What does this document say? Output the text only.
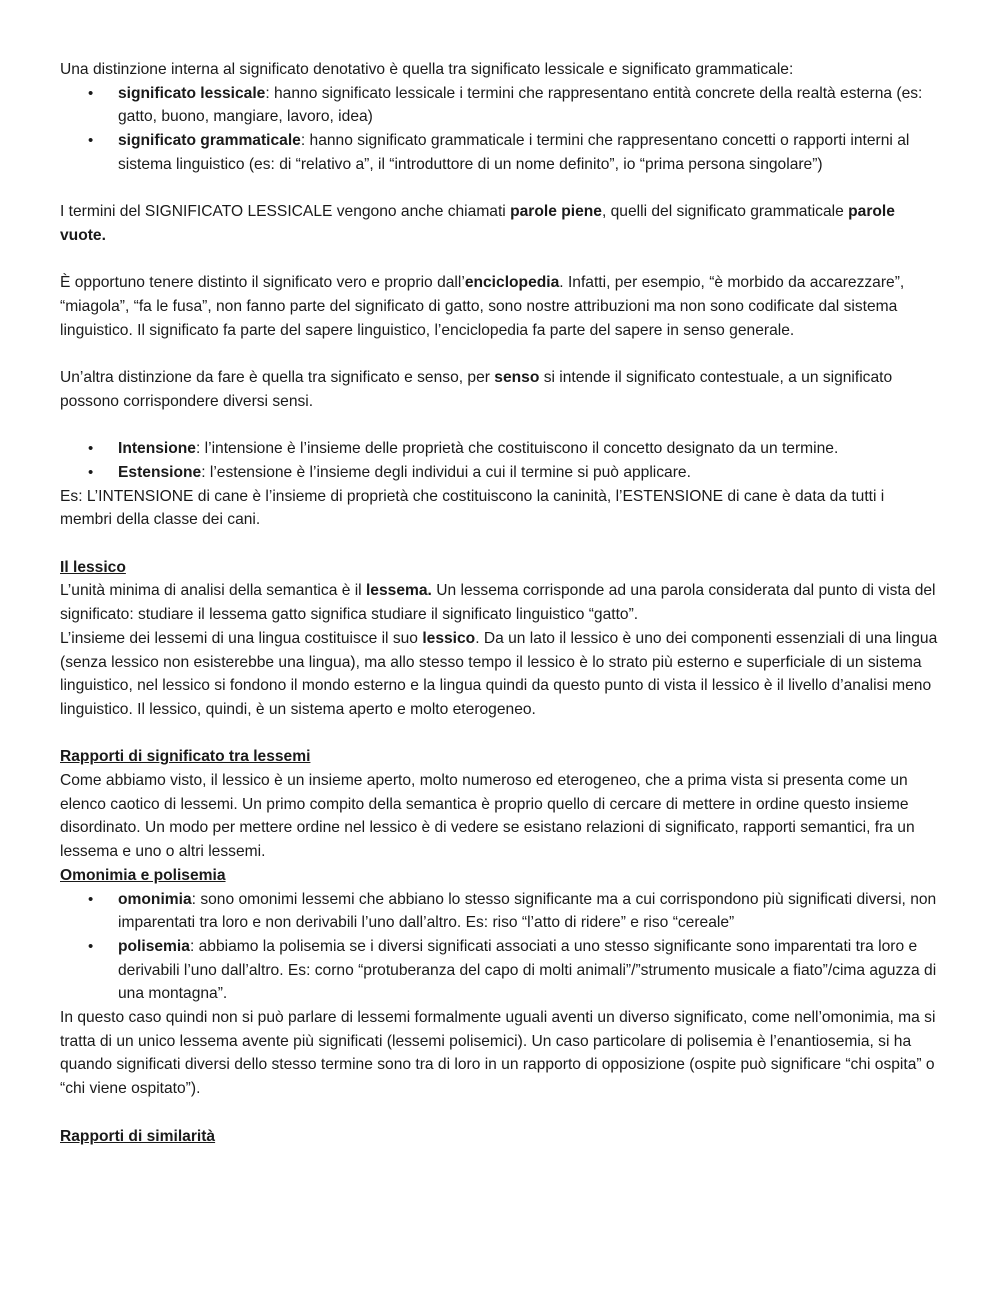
Una distinzione interna al significato denotativo è quella tra significato lessicale e significato grammaticale:

• significato lessicale: hanno significato lessicale i termini che rappresentano entità concrete della realtà esterna (es: gatto, buono, mangiare, lavoro, idea)
• significato grammaticale: hanno significato grammaticale i termini che rappresentano concetti o rapporti interni al sistema linguistico (es: di “relativo a”, il “introduttore di un nome definito”, io “prima persona singolare”)

I termini del SIGNIFICATO LESSICALE vengono anche chiamati parole piene, quelli del significato grammaticale parole vuote.

È opportuno tenere distinto il significato vero e proprio dall’enciclopedia. Infatti, per esempio, “è morbido da accarezzare”, “miagola”, “fa le fusa”, non fanno parte del significato di gatto, sono nostre attribuzioni ma non sono codificate dal sistema linguistico. Il significato fa parte del sapere linguistico, l’enciclopedia fa parte del sapere in senso generale.

Un’altra distinzione da fare è quella tra significato e senso, per senso si intende il significato contestuale, a un significato possono corrispondere diversi sensi.

• Intensione: l’intensione è l’insieme delle proprietà che costituiscono il concetto designato da un termine.
• Estensione: l’estensione è l’insieme degli individui a cui il termine si può applicare.

Es: L’INTENSIONE di cane è l’insieme di proprietà che costituiscono la caninità, l’ESTENSIONE di cane è data da tutti i membri della classe dei cani.

Il lessico

L’unità minima di analisi della semantica è il lessema. Un lessema corrisponde ad una parola considerata dal punto di vista del significato: studiare il lessema gatto significa studiare il significato linguistico “gatto”.

L’insieme dei lessemi di una lingua costituisce il suo lessico. Da un lato il lessico è uno dei componenti essenziali di una lingua (senza lessico non esisterebbe una lingua), ma allo stesso tempo il lessico è lo strato più esterno e superficiale di un sistema linguistico, nel lessico si fondono il mondo esterno e la lingua quindi da questo punto di vista il lessico è il livello d’analisi meno linguistico. Il lessico, quindi, è un sistema aperto e molto eterogeneo.

Rapporti di significato tra lessemi

Come abbiamo visto, il lessico è un insieme aperto, molto numeroso ed eterogeneo, che a prima vista si presenta come un elenco caotico di lessemi. Un primo compito della semantica è proprio quello di cercare di mettere in ordine questo insieme disordinato. Un modo per mettere ordine nel lessico è di vedere se esistano relazioni di significato, rapporti semantici, fra un lessema e uno o altri lessemi.

Omonimia e polisemia

• omonimia: sono omonimi lessemi che abbiano lo stesso significante ma a cui corrispondono più significati diversi, non imparentati tra loro e non derivabili l’uno dall’altro. Es: riso “l’atto di ridere” e riso “cereale”
• polisemia: abbiamo la polisemia se i diversi significati associati a uno stesso significante sono imparentati tra loro e derivabili l’uno dall’altro. Es: corno “protuberanza del capo di molti animali”/”strumento musicale a fiato”/cima aguzza di una montagna”.

In questo caso quindi non si può parlare di lessemi formalmente uguali aventi un diverso significato, come nell’omonimia, ma si tratta di un unico lessema avente più significati (lessemi polisemici). Un caso particolare di polisemia è l’enantiosemia, si ha quando significati diversi dello stesso termine sono tra di loro in un rapporto di opposizione (ospite può significare “chi ospita” o “chi viene ospitato”).

Rapporti di similarità
